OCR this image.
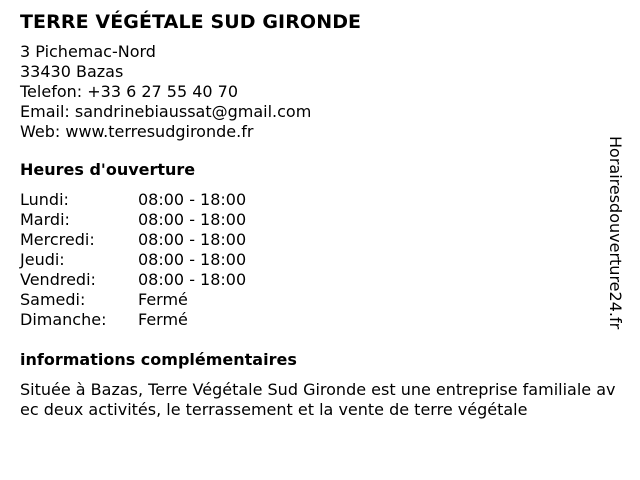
TERRE VÉGÉTALE SUD GIRONDE

3 Pichemac-Nord

33430 Bazas

Telefon: +33 6 27 55 40 70

Email: sandrinebiaussat@gmail.com

Web: www.terresudgironde.fr

Heures d'ouverture
Lundi:	08:00 - 18:00
Mardi:	08:00 - 18:00
Mercredi:	08:00 - 18:00
Jeudi:	08:00 - 18:00
Vendredi:	08:00 - 18:00
Samedi:	Fermé
Dimanche:	Fermé
informations complémentaires

Située à Bazas, Terre Végétale Sud Gironde est une entreprise familiale avec deux activités, le terrassement et la vente de terre végétale

Horairesdouverture24.fr
